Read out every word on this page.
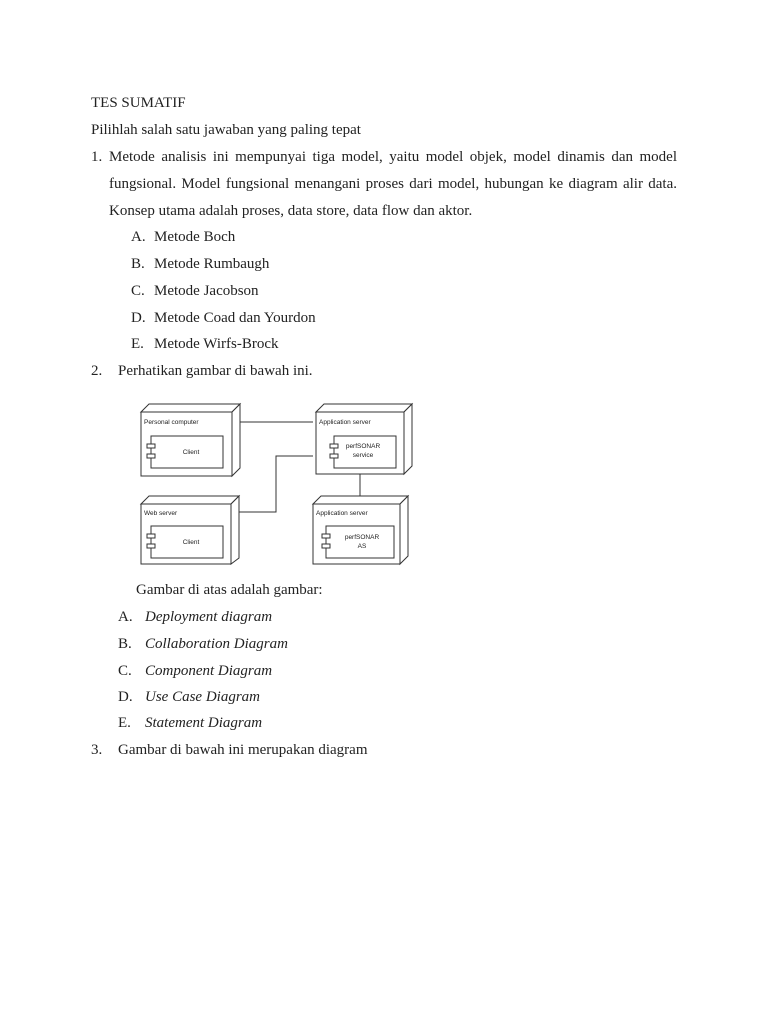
TES SUMATIF
Pilihlah salah satu jawaban yang paling tepat
1. Metode analisis ini mempunyai tiga model, yaitu model objek, model dinamis dan model
fungsional. Model fungsional menangani proses dari model, hubungan ke diagram alir data.
Konsep utama adalah proses, data store, data flow dan aktor.
A. Metode Boch
B. Metode Rumbaugh
C. Metode Jacobson
D. Metode Coad dan Yourdon
E. Metode Wirfs-Brock
2. Perhatikan gambar di bawah ini.
Personal computer
Client
Application server
perfSONAR
service
Web server
Client
Application server
perfSONAR
AS
Gambar di atas adalah gambar:
A. Deployment diagram
B. Collaboration Diagram
C. Component Diagram
D. Use Case Diagram
E. Statement Diagram
3. Gambar di bawah ini merupakan diagram
